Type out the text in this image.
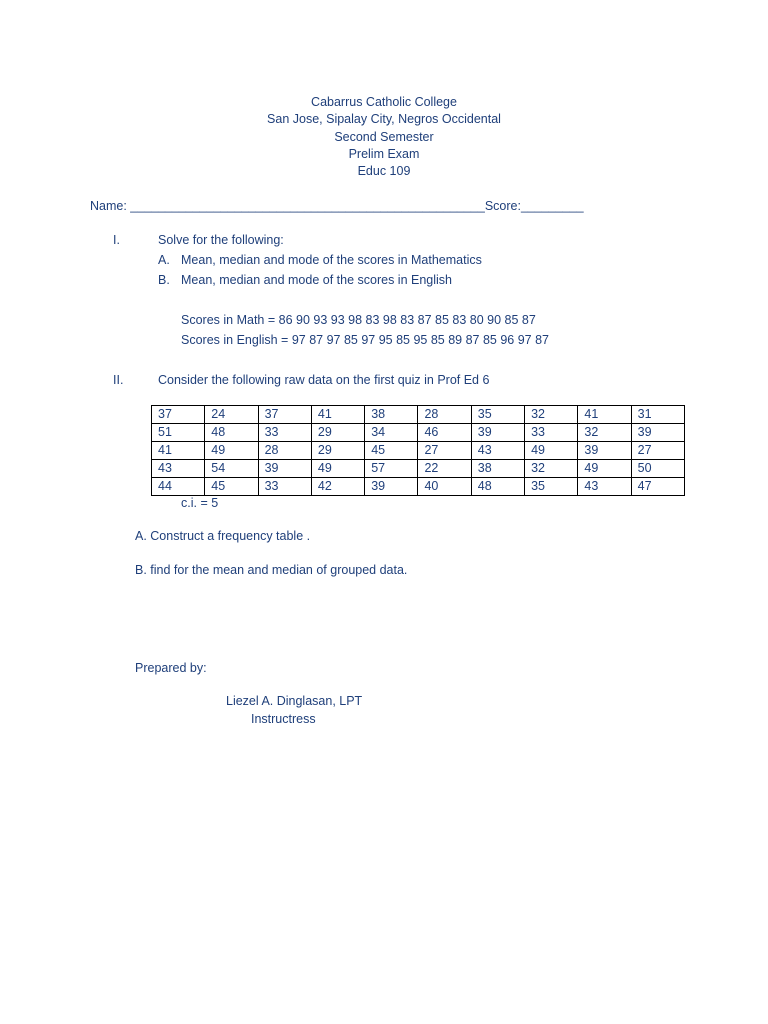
Cabarrus Catholic College
San Jose, Sipalay City, Negros Occidental
Second Semester
Prelim Exam
Educ 109
Name: ___________________________________________________Score:_________
I.	Solve for the following:
A. Mean, median and mode of the scores in Mathematics
B. Mean, median and mode of the scores in English
Scores in Math = 86 90 93 93 98 83 98 83 87 85 83 80 90 85 87
Scores in English = 97 87 97 85 97 95 85 95 85 89 87 85 96 97 87
II.	Consider the following raw data on the first quiz in Prof Ed 6
37	24	37	41	38	28	35	32	41	31
51	48	33	29	34	46	39	33	32	39
41	49	28	29	45	27	43	49	39	27
43	54	39	49	57	22	38	32	49	50
44	45	33	42	39	40	48	35	43	47
c.i. = 5
A. Construct a frequency table .
B. find for the mean and median of grouped data.
Prepared by:
Liezel A. Dinglasan, LPT
Instructress
